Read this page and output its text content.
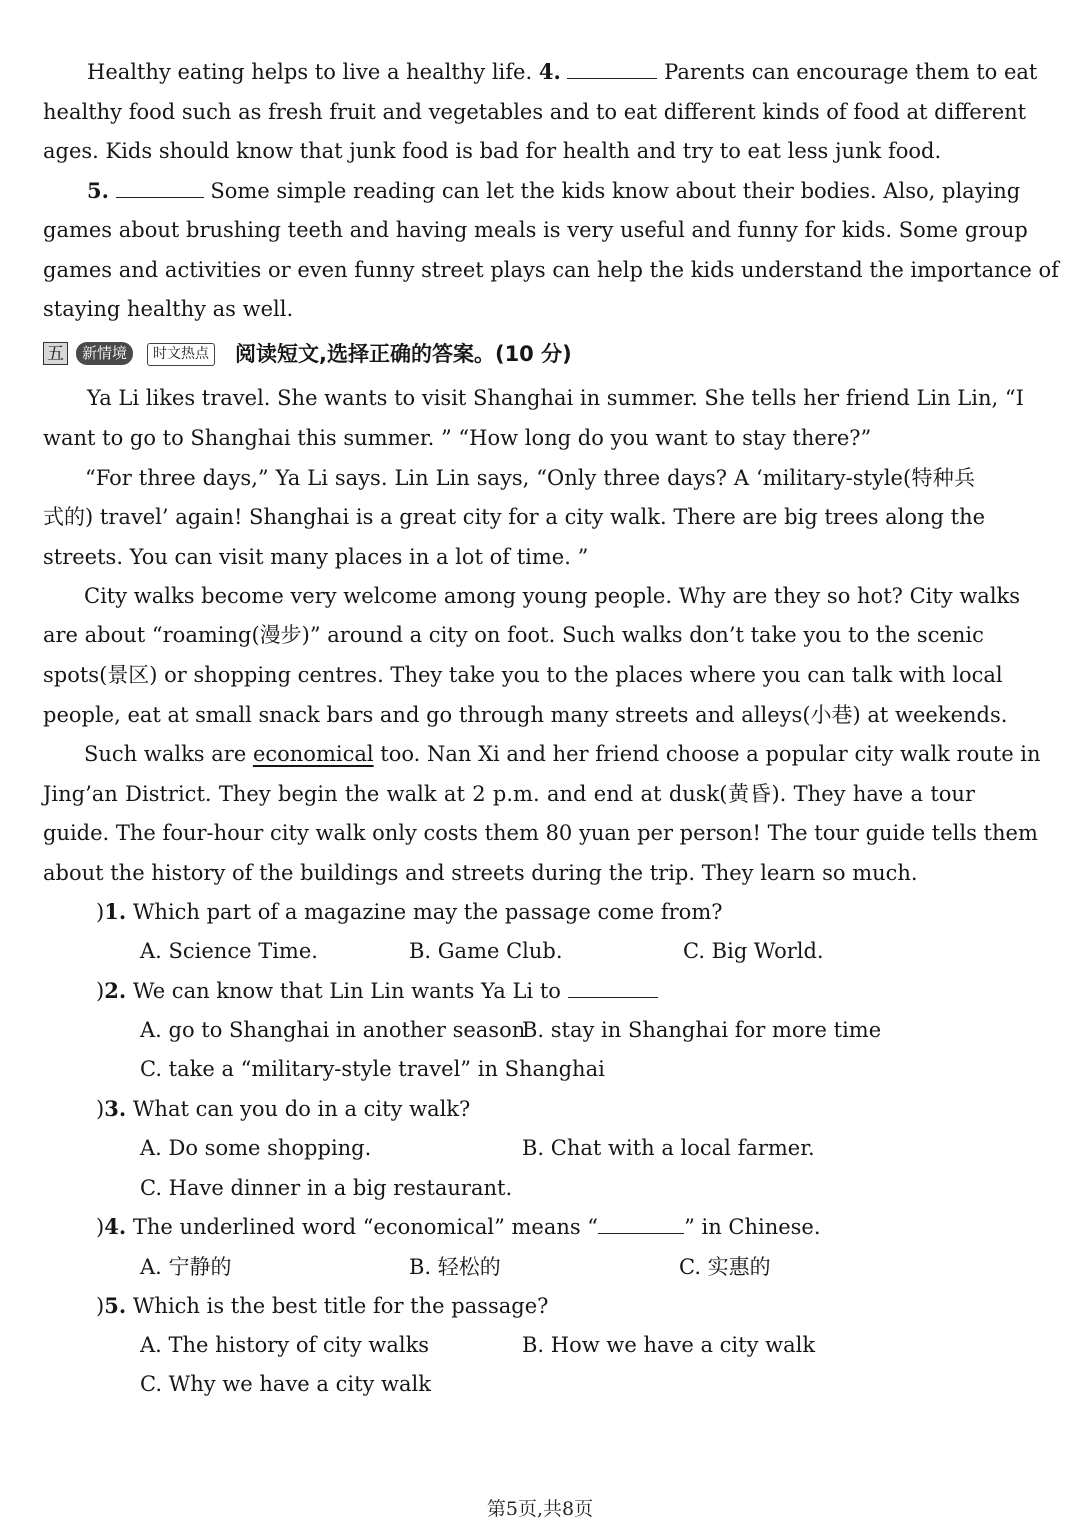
Healthy eating helps to live a healthy life. 4.	Parents can encourage them to eat
healthy food such as fresh fruit and vegetables and to eat different kinds of food at different
ages. Kids should know that junk food is bad for health and try to eat less junk food.
5.	Some simple reading can let the kids know about their bodies. Also, playing
games about brushing teeth and having meals is very useful and funny for kids. Some group
games and activities or even funny street plays can help the kids understand the importance of
staying healthy as well.
五	新情境	时文热点 阅读短文,选择正确的答案。(10 分)
Ya Li likes travel. She wants to visit Shanghai in summer. She tells her friend Lin Lin, “I
want to go to Shanghai this summer. ” “How long do you want to stay there?”
“For three days,” Ya Li says. Lin Lin says, “Only three days? A ‘military-style(特种兵
式的) travel’ again! Shanghai is a great city for a city walk. There are big trees along the
streets. You can visit many places in a lot of time. ”
City walks become very welcome among young people. Why are they so hot? City walks
are about “roaming(漫步)” around a city on foot. Such walks don’t take you to the scenic
spots(景区) or shopping centres. They take you to the places where you can talk with local
people, eat at small snack bars and go through many streets and alleys(小巷) at weekends.
Such walks are economical too. Nan Xi and her friend choose a popular city walk route in
Jing’an District. They begin the walk at 2 p.m. and end at dusk(黄昏). They have a tour
guide. The four-hour city walk only costs them 80 yuan per person! The tour guide tells them
about the history of the buildings and streets during the trip. They learn so much.
)1. Which part of a magazine may the passage come from?
A. Science Time.	B. Game Club.	C. Big World.
)2. We can know that Lin Lin wants Ya Li to
A. go to Shanghai in another season
B. stay in Shanghai for more time
C. take a “military-style travel” in Shanghai
)3. What can you do in a city walk?
A. Do some shopping.	B. Chat with a local farmer.
C. Have dinner in a big restaurant.
)4. The underlined word “economical” means “	” in Chinese.
A. 宁静的	B. 轻松的	C. 实惠的
)5. Which is the best title for the passage?
A. The history of city walks	B. How we have a city walk
C. Why we have a city walk
第5页,共8页
